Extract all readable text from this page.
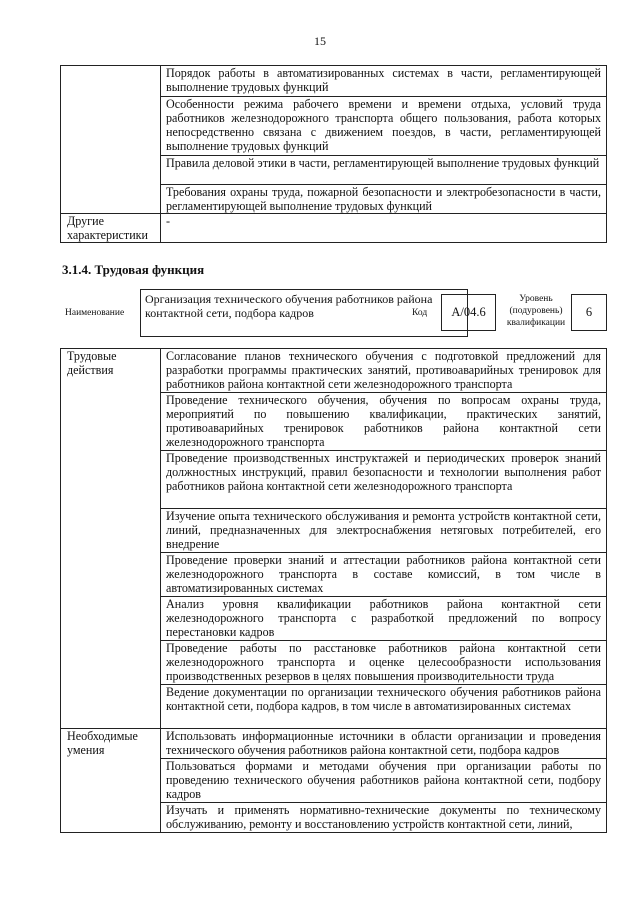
15
	Порядок работы в автоматизированных системах в части, регламентирующей выполнение трудовых функций
	Особенности режима рабочего времени и времени отдыха, условий труда работников железнодорожного транспорта общего пользования, работа которых непосредственно связана с движением поездов, в части, регламентирующей выполнение трудовых функций
	Правила деловой этики в части, регламентирующей выполнение трудовых функций
	Требования охраны труда, пожарной безопасности и электробезопасности в части, регламентирующей выполнение трудовых функций
Другие характеристики	-
3.1.4. Трудовая функция
Наименование
Организация технического обучения работников района контактной сети, подбора кадров	Код	A/04.6
Уровень (подуровень) квалификации
6
Трудовые действия	Согласование планов технического обучения с подготовкой предложений для разработки программы практических занятий, противоаварийных тренировок для работников района контактной сети железнодорожного транспорта
	Проведение технического обучения, обучения по вопросам охраны труда, мероприятий по повышению квалификации, практических занятий, противоаварийных тренировок работников района контактной сети железнодорожного транспорта
	Проведение производственных инструктажей и периодических проверок знаний должностных инструкций, правил безопасности и технологии выполнения работ работников района контактной сети железнодорожного транспорта
	Изучение опыта технического обслуживания и ремонта устройств контактной сети, линий, предназначенных для электроснабжения нетяговых потребителей, его внедрение
	Проведение проверки знаний и аттестации работников района контактной сети железнодорожного транспорта в составе комиссий, в том числе в автоматизированных системах
	Анализ уровня квалификации работников района контактной сети железнодорожного транспорта с разработкой предложений по вопросу перестановки кадров
	Проведение работы по расстановке работников района контактной сети железнодорожного транспорта и оценке целесообразности использования производственных резервов в целях повышения производительности труда
	Ведение документации по организации технического обучения работников района контактной сети, подбора кадров, в том числе в автоматизированных системах
Необходимые умения	Использовать информационные источники в области организации и проведения технического обучения работников района контактной сети, подбора кадров
	Пользоваться формами и методами обучения при организации работы по проведению технического обучения работников района контактной сети, подбору кадров
	Изучать и применять нормативно-технические документы по техническому обслуживанию, ремонту и восстановлению устройств контактной сети, линий,
